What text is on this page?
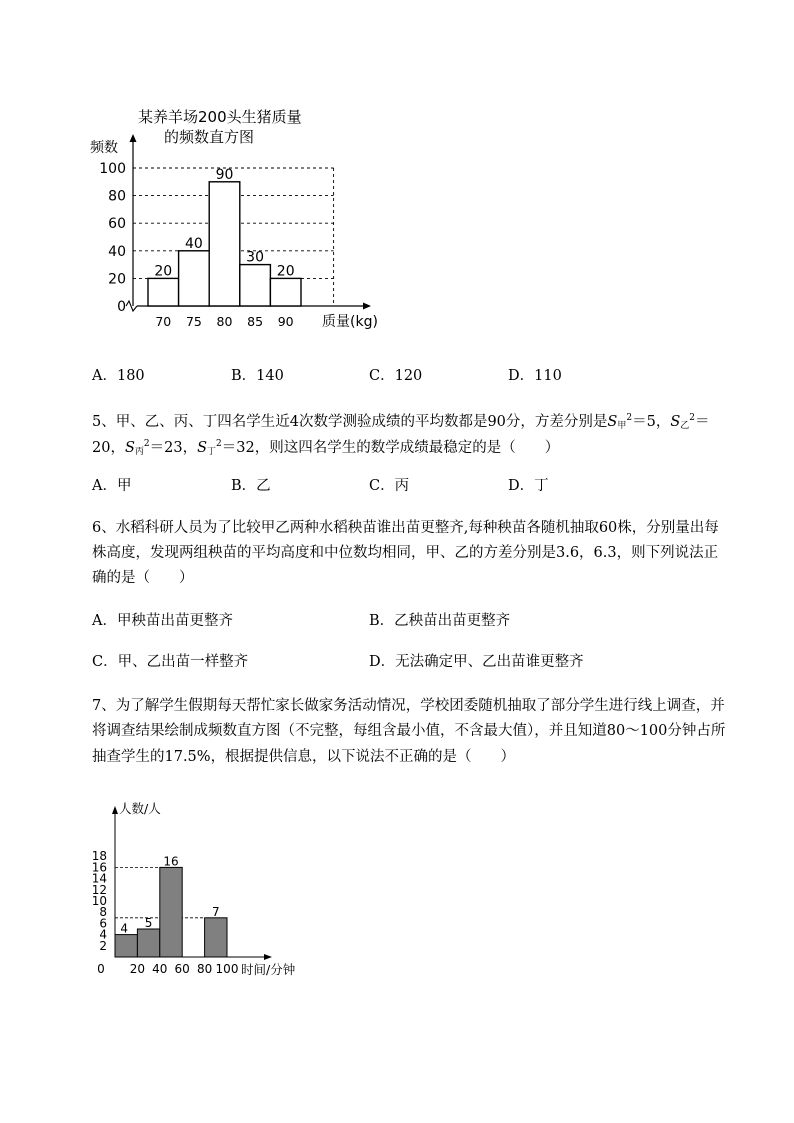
某养羊场200头生猪质量
的频数直方图
频数
质量(kg)
0
20
40
60
80
100
20
40
90
30
20
70 75 80 85 90
A．180	B．140	C．120	D．110
5、甲、乙、丙、丁四名学生近4次数学测验成绩的平均数都是90分，方差分别是$S_甲^2=5$，$S_乙^2=$
20，$S_丙^2=23$，$S_丁^2=32$，则这四名学生的数学成绩最稳定的是（　　）
A．甲	B．乙	C．丙	D．丁
6、水稻科研人员为了比较甲乙两种水稻秧苗谁出苗更整齐,每种秧苗各随机抽取60株，分别量出每
株高度，发现两组秧苗的平均高度和中位数均相同，甲、乙的方差分别是3.6，6.3，则下列说法正
确的是（　　）
A．甲秧苗出苗更整齐	B．乙秧苗出苗更整齐
C．甲、乙出苗一样整齐	D．无法确定甲、乙出苗谁更整齐
7、为了解学生假期每天帮忙家长做家务活动情况，学校团委随机抽取了部分学生进行线上调查，并
将调查结果绘制成频数直方图（不完整，每组含最小值，不含最大值），并且知道80～100分钟占所
抽查学生的17.5%，根据提供信息，以下说法不正确的是（　　）
人数/人
时间/分钟
2
4
6
8
10
12
14
16
18
0 20 40 60 80 100
4 5
16
7
